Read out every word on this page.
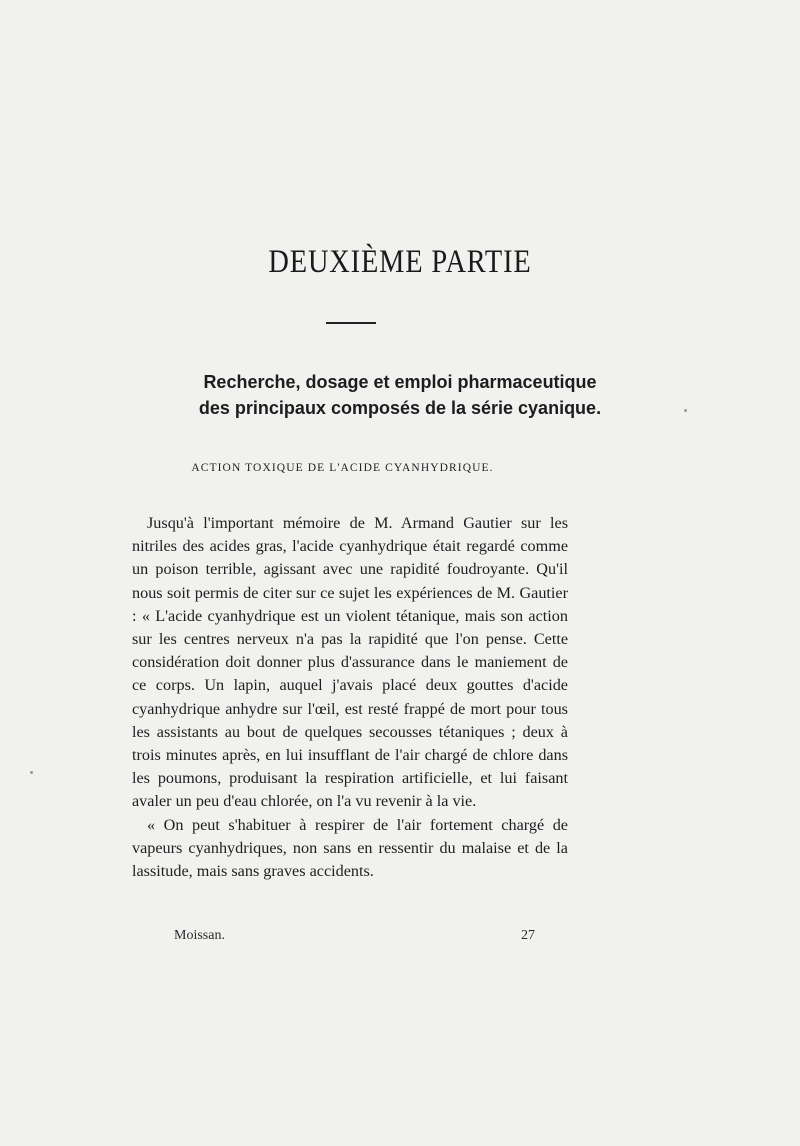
DEUXIÈME PARTIE
Recherche, dosage et emploi pharmaceutique
des principaux composés de la série cyanique.
ACTION TOXIQUE DE L'ACIDE CYANHYDRIQUE.

Jusqu'à l'important mémoire de M. Armand Gautier sur les nitriles des acides gras, l'acide cyanhydrique était regardé comme un poison terrible, agissant avec une rapidité foudroyante. Qu'il nous soit permis de citer sur ce sujet les expériences de M. Gautier : « L'acide cyanhydrique est un violent tétanique, mais son action sur les centres nerveux n'a pas la rapidité que l'on pense. Cette considération doit donner plus d'assurance dans le maniement de ce corps. Un lapin, auquel j'avais placé deux gouttes d'acide cyanhydrique anhydre sur l'œil, est resté frappé de mort pour tous les assistants au bout de quelques secousses tétaniques ; deux à trois minutes après, en lui insufflant de l'air chargé de chlore dans les poumons, produisant la respiration artificielle, et lui faisant avaler un peu d'eau chlorée, on l'a vu revenir à la vie.

« On peut s'habituer à respirer de l'air fortement chargé de vapeurs cyanhydriques, non sans en ressentir du malaise et de la lassitude, mais sans graves accidents.

Moissan.	27
